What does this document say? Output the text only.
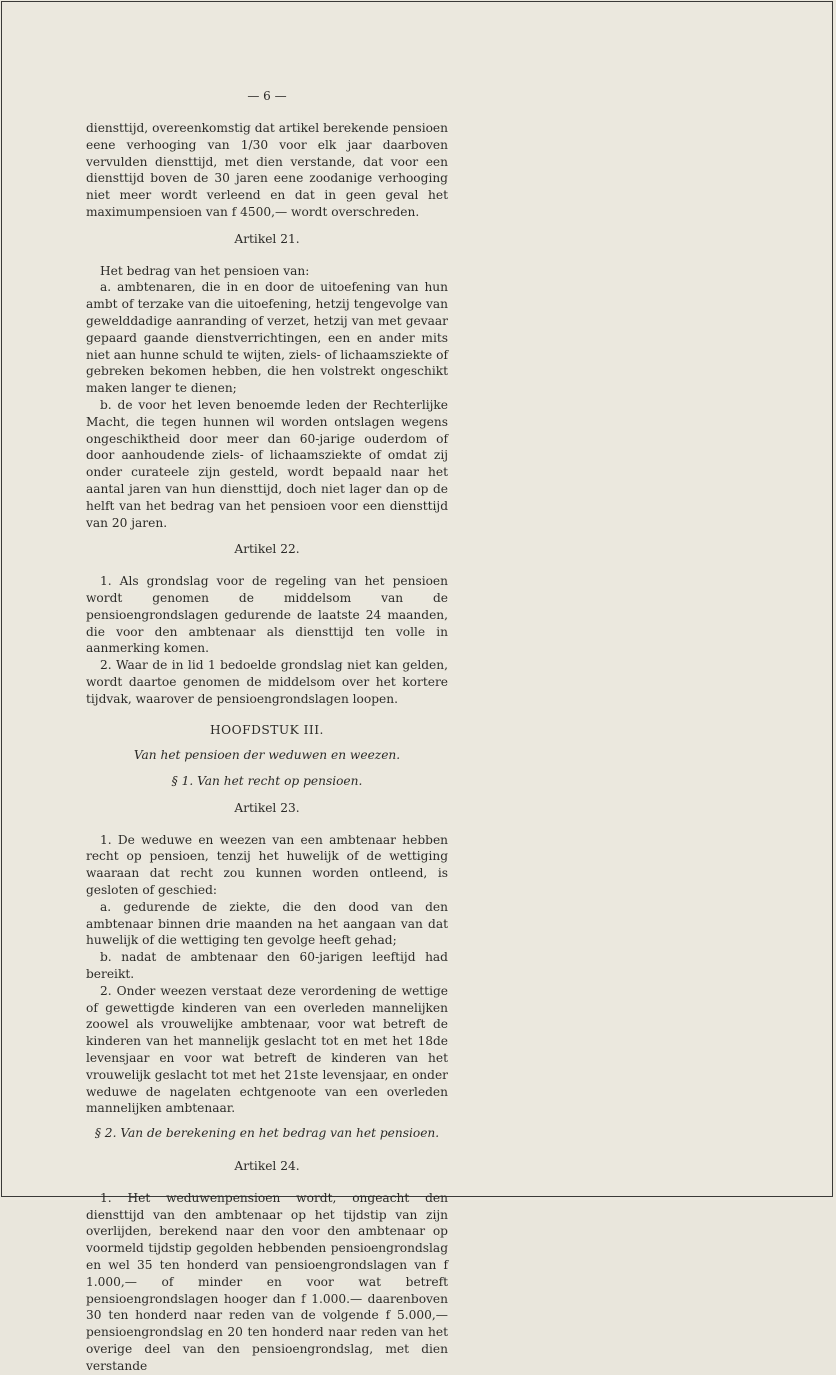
— 6 —

diensttijd, overeenkomstig dat artikel berekende pensioen eene verhooging van 1/30 voor elk jaar daarboven vervulden diensttijd, met dien verstande, dat voor een diensttijd boven de 30 jaren eene zoodanige verhooging niet meer wordt verleend en dat in geen geval het maximumpensioen van f 4500,— wordt overschreden.

Artikel 21.

Het bedrag van het pensioen van:

a. ambtenaren, die in en door de uitoefening van hun ambt of terzake van die uitoefening, hetzij tengevolge van gewelddadige aanranding of verzet, hetzij van met gevaar gepaard gaande dienstverrichtingen, een en ander mits niet aan hunne schuld te wijten, ziels- of lichaamsziekte of gebreken bekomen hebben, die hen volstrekt ongeschikt maken langer te dienen;

b. de voor het leven benoemde leden der Rechterlijke Macht, die tegen hunnen wil worden ontslagen wegens ongeschiktheid door meer dan 60-jarige ouderdom of door aanhoudende ziels- of lichaamsziekte of omdat zij onder curateele zijn gesteld, wordt bepaald naar het aantal jaren van hun diensttijd, doch niet lager dan op de helft van het bedrag van het pensioen voor een diensttijd van 20 jaren.

Artikel 22.

1. Als grondslag voor de regeling van het pensioen wordt genomen de middelsom van de pensioengrondslagen gedurende de laatste 24 maanden, die voor den ambtenaar als diensttijd ten volle in aanmerking komen.

2. Waar de in lid 1 bedoelde grondslag niet kan gelden, wordt daartoe genomen de middelsom over het kortere tijdvak, waarover de pensioengrondslagen loopen.

HOOFDSTUK III.

Van het pensioen der weduwen en weezen.

§ 1. Van het recht op pensioen.

Artikel 23.

1. De weduwe en weezen van een ambtenaar hebben recht op pensioen, tenzij het huwelijk of de wettiging waaraan dat recht zou kunnen worden ontleend, is gesloten of geschied:

a. gedurende de ziekte, die den dood van den ambtenaar binnen drie maanden na het aangaan van dat huwelijk of die wettiging ten gevolge heeft gehad;

b. nadat de ambtenaar den 60-jarigen leeftijd had bereikt.

2. Onder weezen verstaat deze verordening de wettige of gewettigde kinderen van een overleden mannelijken zoowel als vrouwelijke ambtenaar, voor wat betreft de kinderen van het mannelijk geslacht tot en met het 18de levensjaar en voor wat betreft de kinderen van het vrouwelijk geslacht tot met het 21ste levensjaar, en onder weduwe de nagelaten echtgenoote van een overleden mannelijken ambtenaar.

§ 2. Van de berekening en het bedrag van het pensioen.

Artikel 24.

1. Het weduwenpensioen wordt, ongeacht den diensttijd van den ambtenaar op het tijdstip van zijn overlijden, berekend naar den voor den ambtenaar op voormeld tijdstip gegolden hebbenden pensioengrondslag en wel 35 ten honderd van pensioengrondslagen van f 1.000,— of minder en voor wat betreft pensioengrondslagen hooger dan f 1.000.— daarenboven 30 ten honderd naar reden van de volgende f 5.000,— pensioengrondslag en 20 ten honderd naar reden van het overige deel van den pensioengrondslag, met dien verstande
